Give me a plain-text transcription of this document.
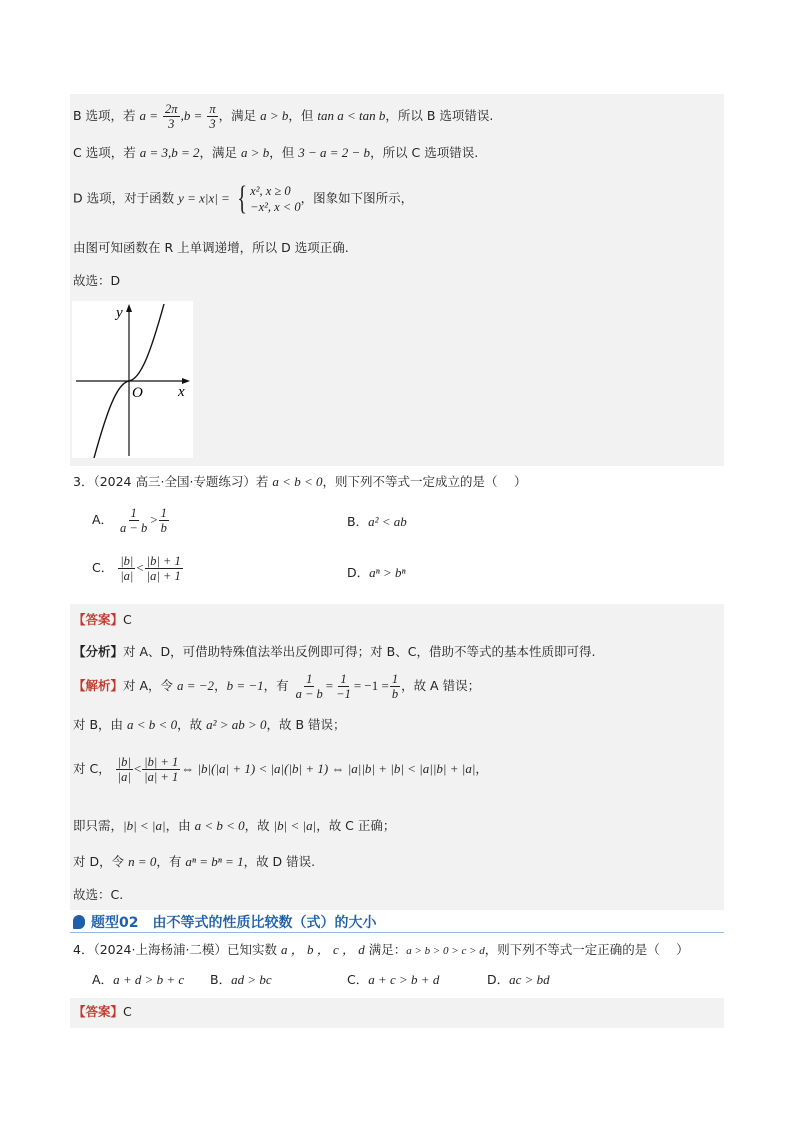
B 选项，若 $a = \frac{2\pi}{3} ,b = \frac{\pi}{3}$ ，满足 a > b，但 tan a < tan b，所以 B 选项错误.
C 选项，若 a = 3,b = 2，满足 a > b，但 3 − a = 2 − b，所以 C 选项错误.
D 选项，对于函数 y = x|x| = { x², x ≥ 0
−x², x < 0
，图象如下图所示，
由图可知函数在 R 上单调递增，所以 D 选项正确.
故选：D
y
x
O
3．（2024 高三·全国·专题练习）若 a < b < 0，则下列不等式一定成立的是（　 ）
A． $\frac{1}{a - b} > \frac{1}{b}$	B．a² < ab
C． $\frac{|b|}{|a|} < \frac{|b| + 1}{|a| + 1}$	D．aⁿ > bⁿ
【答案】C
【分析】对 A、D，可借助特殊值法举出反例即可得；对 B、C，借助不等式的基本性质即可得.
【解析】对 A，令 a = −2，b = −1，有 $\frac{1}{a - b} = \frac{1}{-1} = -1 = \frac{1}{b}$ ，故 A 错误；
对 B，由 a < b < 0，故 a² > ab > 0，故 B 错误；
对 C， $\frac{|b|}{|a|} < \frac{|b| + 1}{|a| + 1}$ ⇔ |b|(|a| + 1) < |a|(|b| + 1) ⇔ |a||b| + |b| < |a||b| + |a|，
即只需，|b| < |a|，由 a < b < 0，故 |b| < |a|，故 C 正确；
对 D，令 n = 0，有 aⁿ = bⁿ = 1，故 D 错误.
故选：C.
题型02 由不等式的性质比较数（式）的大小
4．（2024·上海杨浦·二模）已知实数 a ， b ， c ， d 满足：a > b > 0 > c > d，则下列不等式一定正确的是（　 ）
A．a + d > b + c B．ad > bc	C．a + c > b + d	D．ac > bd
【答案】C
